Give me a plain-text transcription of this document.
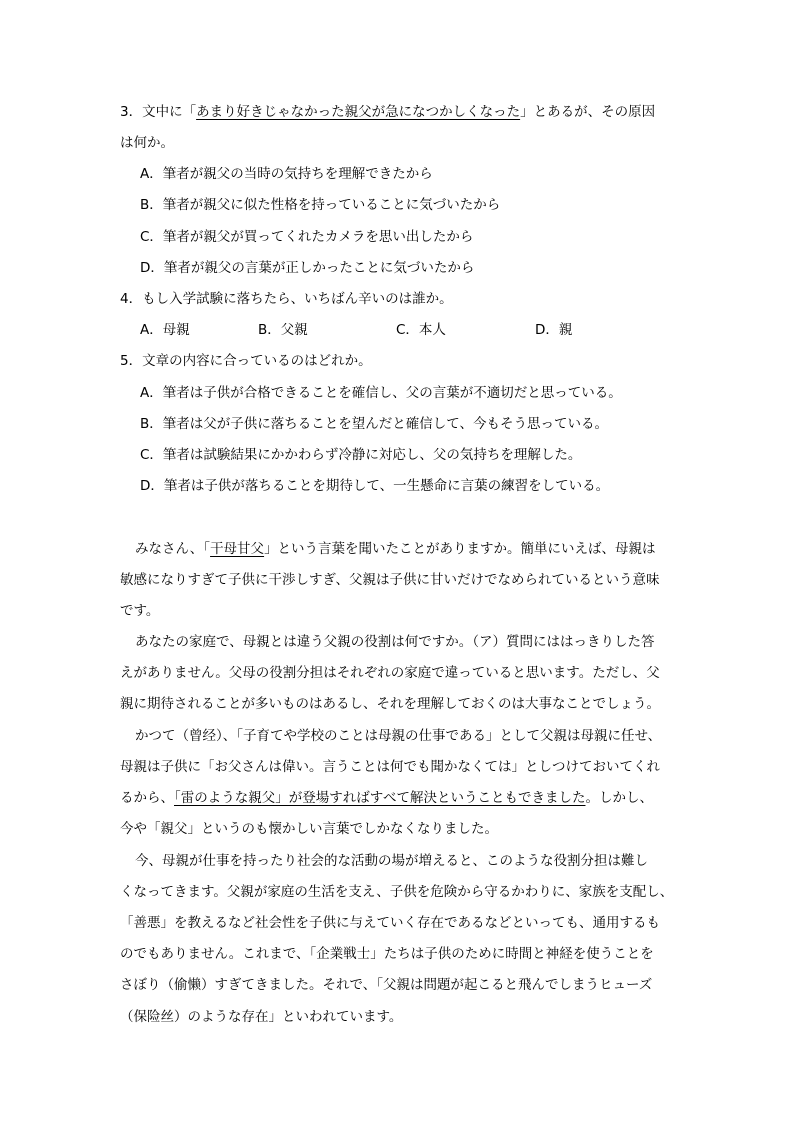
3．文中に「あまり好きじゃなかった親父が急になつかしくなった」とあるが、その原因
は何か。
A．筆者が親父の当時の気持ちを理解できたから
B．筆者が親父に似た性格を持っていることに気づいたから
C．筆者が親父が買ってくれたカメラを思い出したから
D．筆者が親父の言葉が正しかったことに気づいたから
4．もし入学試験に落ちたら、いちばん辛いのは誰か。
A．母親	B．父親	C．本人	D．親
5．文章の内容に合っているのはどれか。
A．筆者は子供が合格できることを確信し、父の言葉が不適切だと思っている。
B．筆者は父が子供に落ちることを望んだと確信して、今もそう思っている。
C．筆者は試験結果にかかわらず冷静に対応し、父の気持ちを理解した。
D．筆者は子供が落ちることを期待して、一生懸命に言葉の練習をしている。
みなさん、「干母甘父」という言葉を聞いたことがありますか。簡単にいえば、母親は
敏感になりすぎて子供に干渉しすぎ、父親は子供に甘いだけでなめられているという意味
です。
あなたの家庭で、母親とは違う父親の役割は何ですか。（ア）質問にははっきりした答
えがありません。父母の役割分担はそれぞれの家庭で違っていると思います。ただし、父
親に期待されることが多いものはあるし、それを理解しておくのは大事なことでしょう。
かつて（曾经）、「子育てや学校のことは母親の仕事である」として父親は母親に任せ、
母親は子供に「お父さんは偉い。言うことは何でも聞かなくては」としつけておいてくれ
るから、「雷のような親父」が登場すればすべて解決ということもできました。しかし、
今や「親父」というのも懐かしい言葉でしかなくなりました。
今、母親が仕事を持ったり社会的な活動の場が増えると、このような役割分担は難し
くなってきます。父親が家庭の生活を支え、子供を危険から守るかわりに、家族を支配し、
「善悪」を教えるなど社会性を子供に与えていく存在であるなどといっても、通用するも
のでもありません。これまで、「企業戦士」たちは子供のために時間と神経を使うことを
さぼり（偷懒）すぎてきました。それで、「父親は問題が起こると飛んでしまうヒューズ
（保险丝）のような存在」といわれています。
